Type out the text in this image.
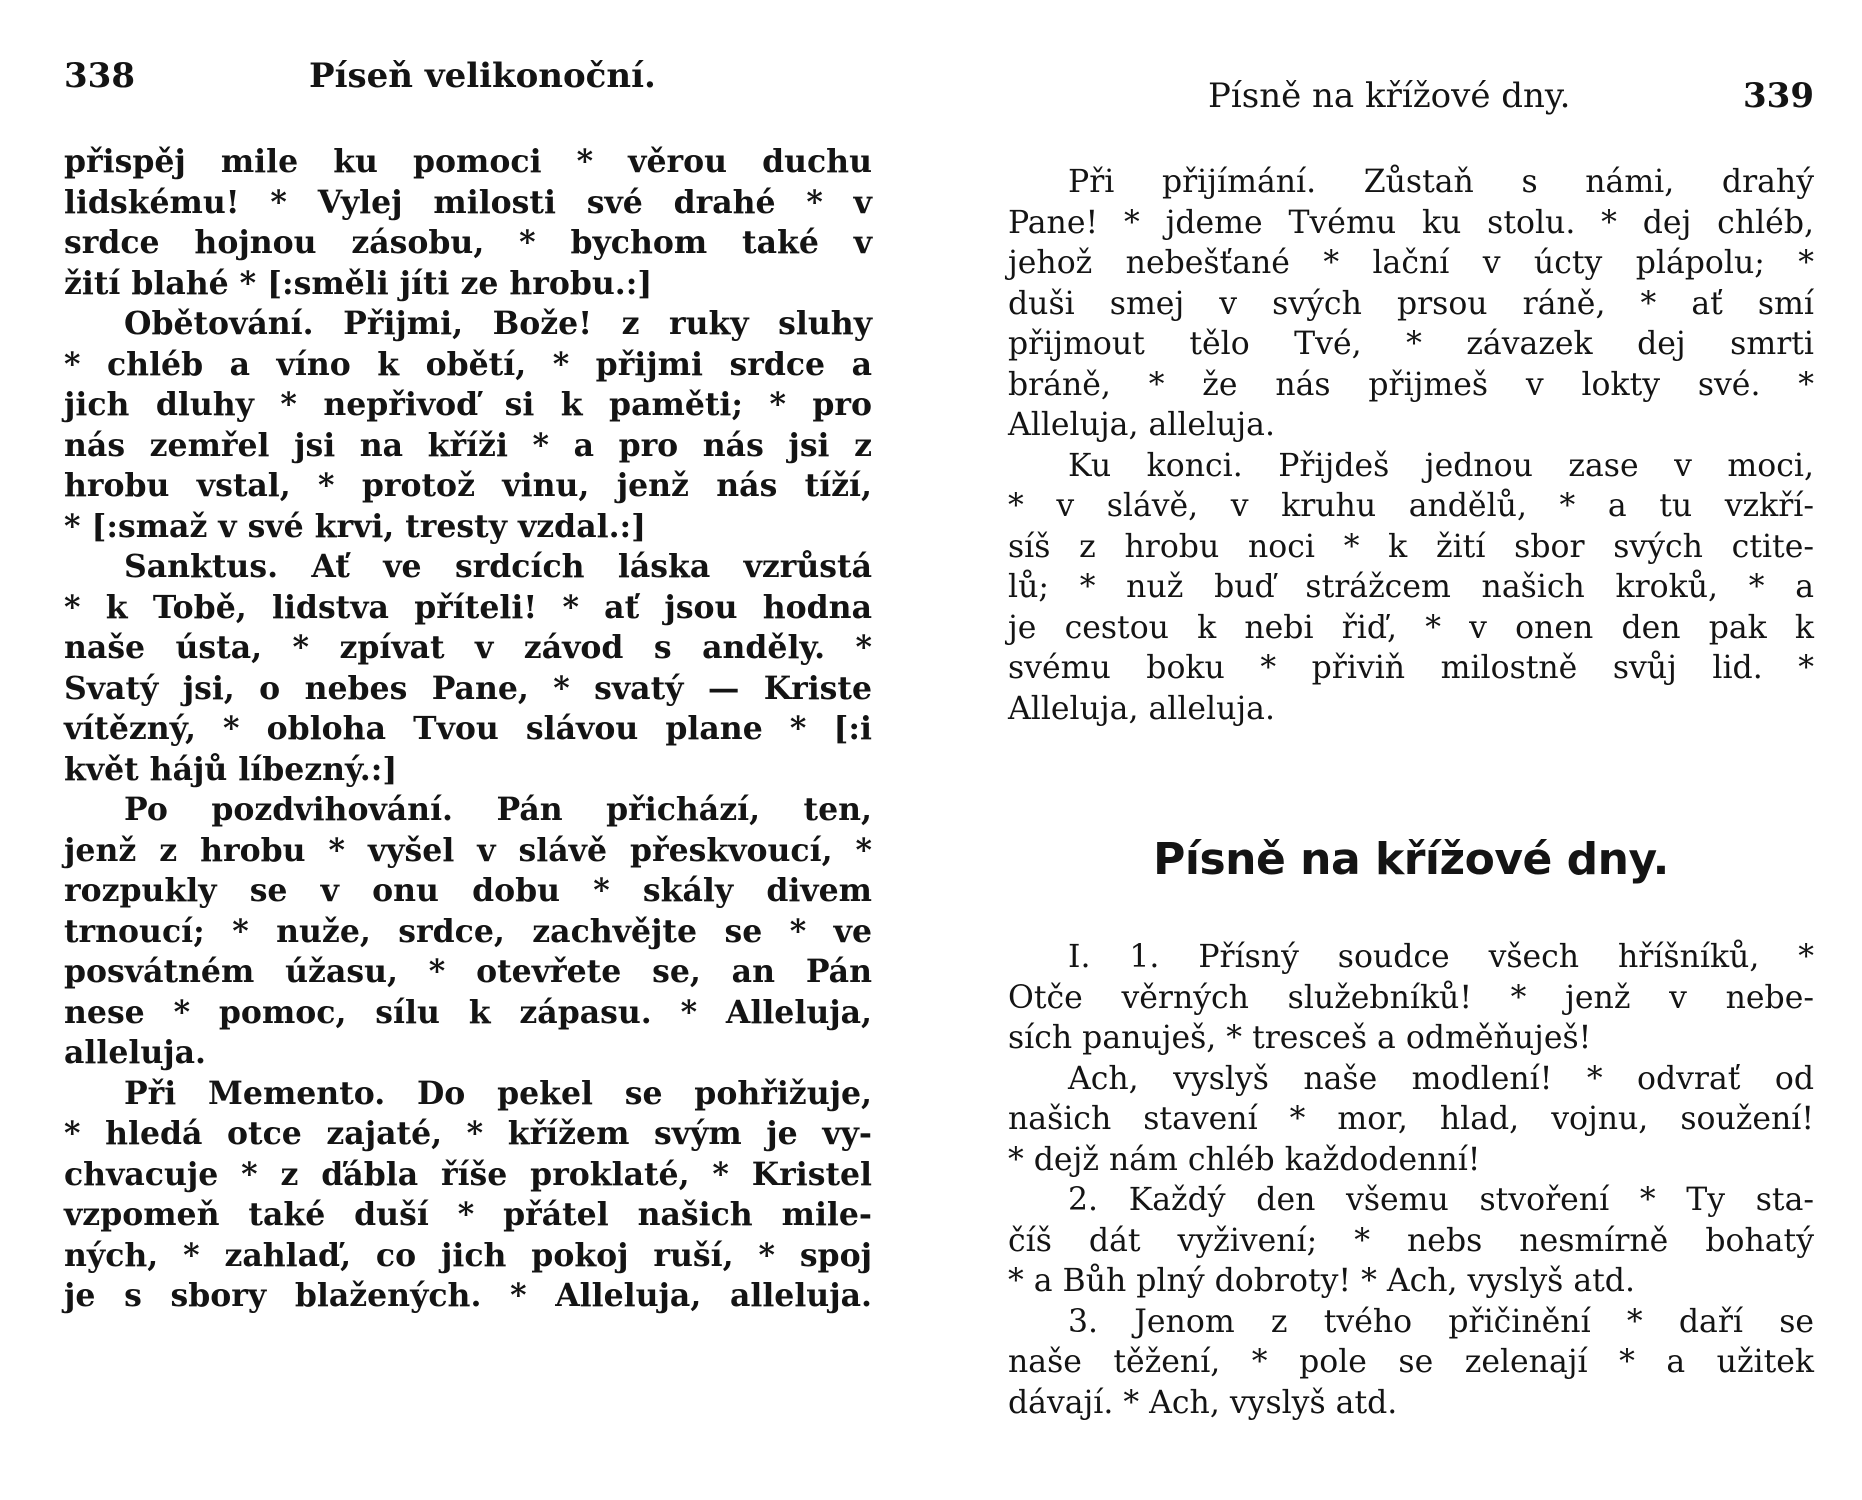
338	Píseň velikonoční.
přispěj mile ku pomoci * věrou duchu
lidskému! * Vylej milosti své drahé * v
srdce hojnou zásobu, * bychom také v
žití blahé * [:směli jíti ze hrobu.:]
Obětování. Přijmi, Bože! z ruky sluhy
* chléb a víno k obětí, * přijmi srdce a
jich dluhy * nepřivoď si k paměti; * pro
nás zemřel jsi na kříži * a pro nás jsi z
hrobu vstal, * protož vinu, jenž nás tíží,
* [:smaž v své krvi, tresty vzdal.:]
Sanktus. Ať ve srdcích láska vzrůstá
* k Tobě, lidstva příteli! * ať jsou hodna
naše ústa, * zpívat v závod s anděly. *
Svatý jsi, o nebes Pane, * svatý — Kriste
vítězný, * obloha Tvou slávou plane * [:i
květ hájů líbezný.:]
Po pozdvihování. Pán přichází, ten,
jenž z hrobu * vyšel v slávě přeskvoucí, *
rozpukly se v onu dobu * skály divem
trnoucí; * nuže, srdce, zachvějte se * ve
posvátném úžasu, * otevřete se, an Pán
nese * pomoc, sílu k zápasu. * Alleluja,
alleluja.
Při Memento. Do pekel se pohřižuje,
* hledá otce zajaté, * křížem svým je vy-
chvacuje * z ďábla říše proklaté, * Kristel
vzpomeň také duší * přátel našich mile-
ných, * zahlaď, co jich pokoj ruší, * spoj
je s sbory blažených. * Alleluja, alleluja.
Písně na křížové dny.	339
Při přijímání. Zůstaň s námi, drahý
Pane! * jdeme Tvému ku stolu. * dej chléb,
jehož nebešťané * lační v úcty plápolu; *
duši smej v svých prsou ráně, * ať smí
přijmout tělo Tvé, * závazek dej smrti
bráně, * že nás přijmeš v lokty své. *
Alleluja, alleluja.
Ku konci. Přijdeš jednou zase v moci,
* v slávě, v kruhu andělů, * a tu vzkří-
síš z hrobu noci * k žití sbor svých ctite-
lů; * nuž buď strážcem našich kroků, * a
je cestou k nebi řiď, * v onen den pak k
svému boku * přiviň milostně svůj lid. *
Alleluja, alleluja.
Písně na křížové dny.
I. 1. Přísný soudce všech hříšníků, *
Otče věrných služebníků! * jenž v nebe-
sích panuješ, * tresceš a odměňuješ!
Ach, vyslyš naše modlení! * odvrať od
našich stavení * mor, hlad, vojnu, soužení!
* dejž nám chléb každodenní!
2. Každý den všemu stvoření * Ty sta-
číš dát vyživení; * nebs nesmírně bohatý
* a Bůh plný dobroty! * Ach, vyslyš atd.
3. Jenom z tvého přičinění * daří se
naše těžení, * pole se zelenají * a užitek
dávají. * Ach, vyslyš atd.
